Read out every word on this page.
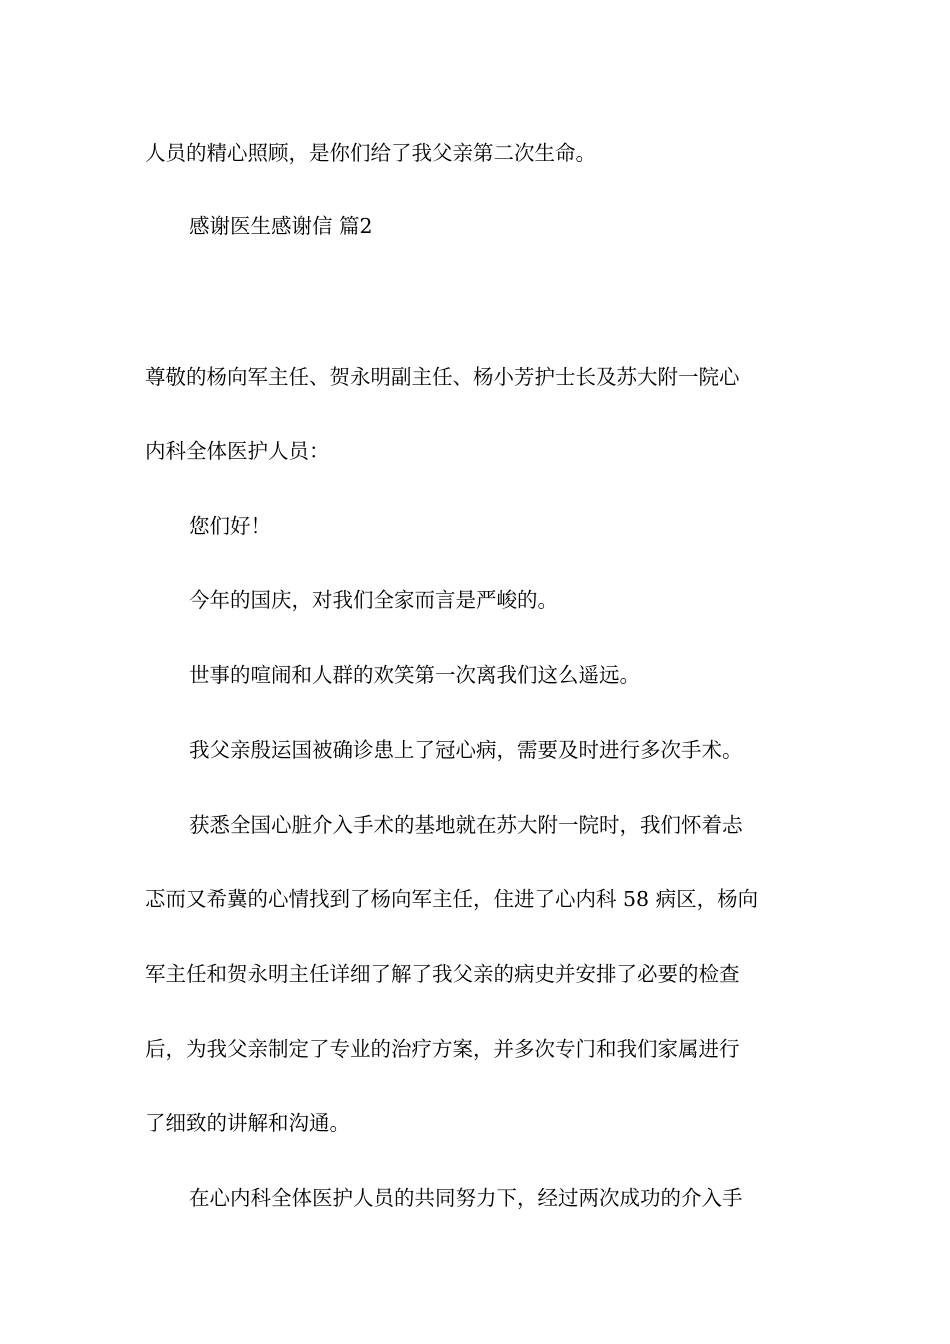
人员的精心照顾，是你们给了我父亲第二次生命。

感谢医生感谢信 篇2

尊敬的杨向军主任、贺永明副主任、杨小芳护士长及苏大附一院心

内科全体医护人员：

您们好！

今年的国庆，对我们全家而言是严峻的。

世事的喧闹和人群的欢笑第一次离我们这么遥远。

我父亲殷运国被确诊患上了冠心病，需要及时进行多次手术。

获悉全国心脏介入手术的基地就在苏大附一院时，我们怀着忐

忑而又希冀的心情找到了杨向军主任，住进了心内科 58 病区，杨向

军主任和贺永明主任详细了解了我父亲的病史并安排了必要的检查

后，为我父亲制定了专业的治疗方案，并多次专门和我们家属进行

了细致的讲解和沟通。

在心内科全体医护人员的共同努力下，经过两次成功的介入手
